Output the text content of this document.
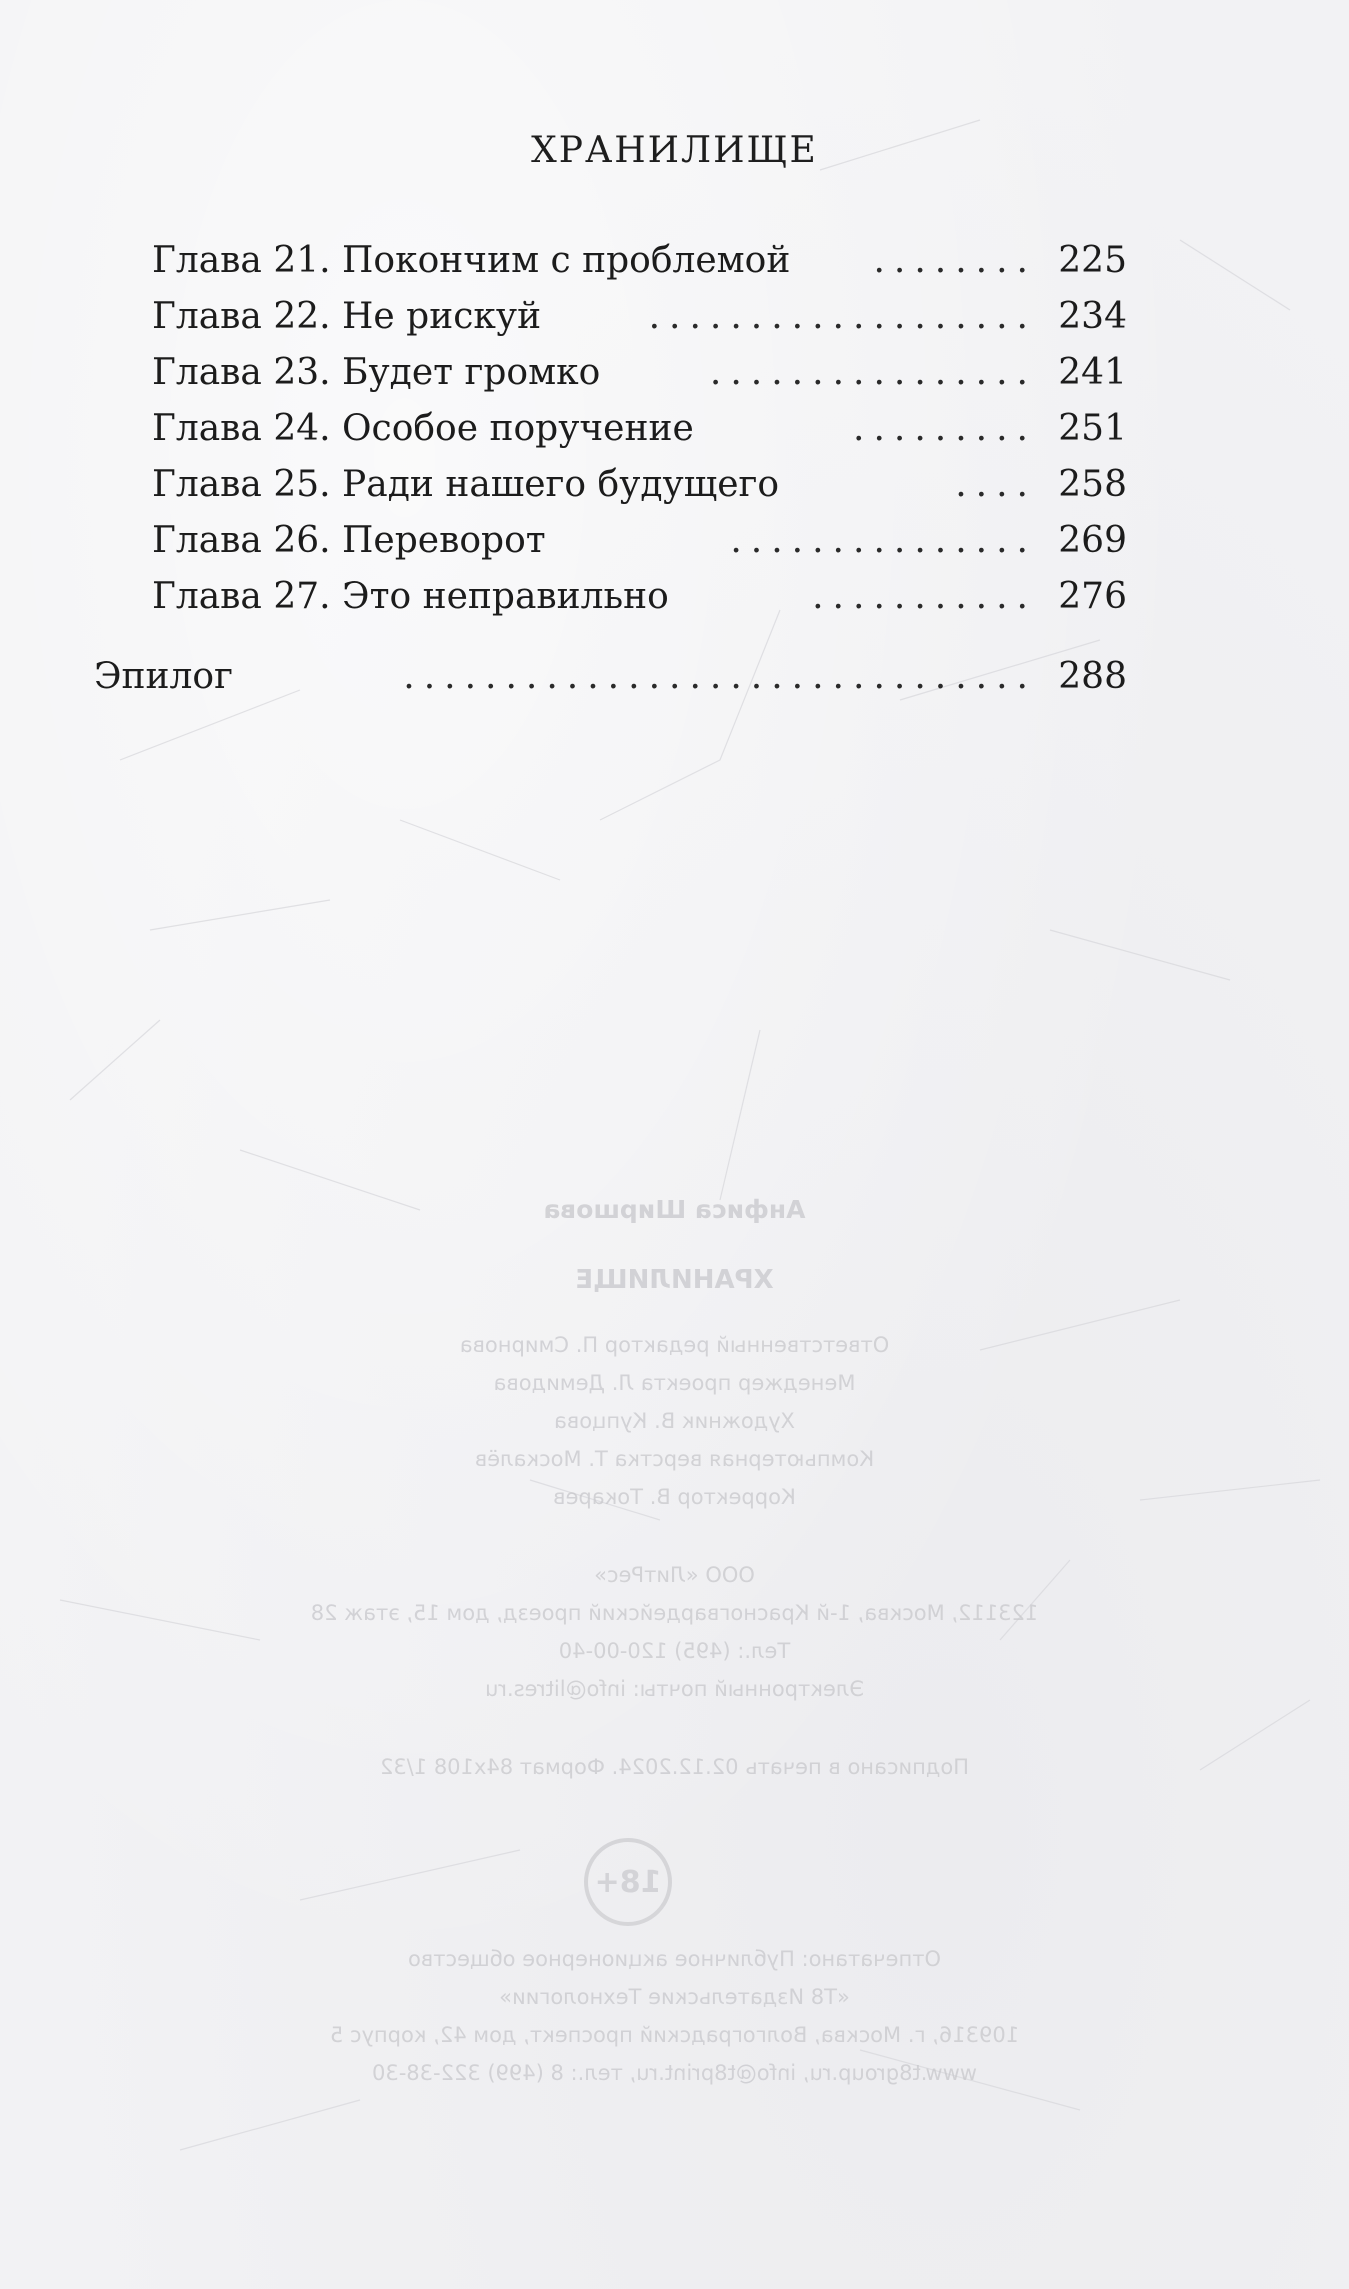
ХРАНИЛИЩЕ
Глава 21. Покончим с проблемой	........ 225
Глава 22. Не рискуй	................... 234
Глава 23. Будет громко	................ 241
Глава 24. Особое поручение	......... 251
Глава 25. Ради нашего будущего	.... 258
Глава 26. Переворот	............... 269
Глава 27. Это неправильно	........... 276
Эпилог	............................... 288
Анфиса Ширшова
ХРАНИЛИЩЕ
Ответственный редактор П. Смирнова
Менеджер проекта Л. Демидова
Художник В. Купцова
Компьютерная верстка Т. Москалёв
Корректор В. Токарев
ООО «ЛитРес»
123112, Москва, 1-й Красногвардейский проезд, дом 15, этаж 28
Тел.: (495) 120-00-40
Электронный почты: info@litres.ru
Подписано в печать 02.12.2024. Формат 84х108 1/32
18+
Отпечатано: Публичное акционерное общество
«Т8 Издательские Технологии»
109316, г. Москва, Волгоградский проспект, дом 42, корпус 5
www.t8group.ru, info@t8print.ru, тел.: 8 (499) 322-38-30
